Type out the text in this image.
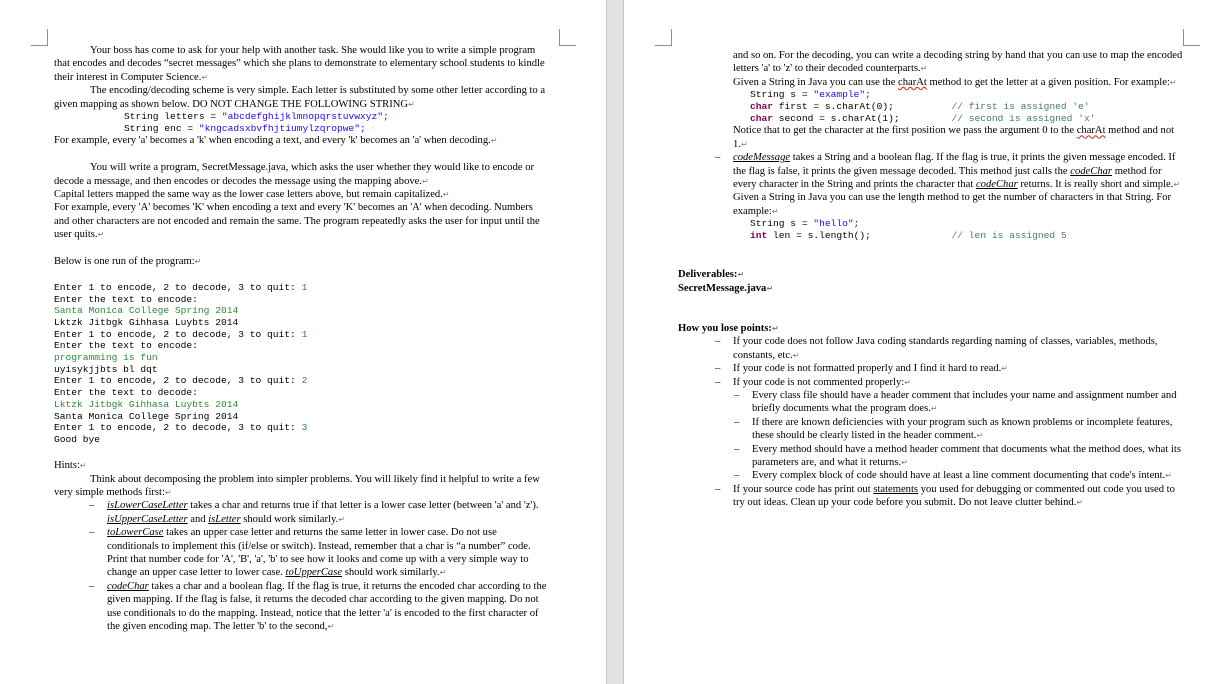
Your boss has come to ask for your help with another task. She would like you to write a simple program that encodes and decodes “secret messages” which she plans to demonstrate to elementary school students to kindle their interest in Computer Science.↵

The encoding/decoding scheme is very simple. Each letter is substituted by some other letter according to a given mapping as shown below. DO NOT CHANGE THE FOLLOWING STRING↵

String letters = "abcdefghijklmnopqrstuvwxyz";
String enc = "kngcadsxbvfhjtiumylzqropwe"; ·

For example, every 'a' becomes a 'k' when encoding a text, and every 'k' becomes an 'a' when decoding.↵

You will write a program, SecretMessage.java, which asks the user whether they would like to encode or decode a message, and then encodes or decodes the message using the mapping above.↵
Capital letters mapped the same way as the lower case letters above, but remain capitalized.↵

For example, every 'A' becomes 'K' when encoding a text and every 'K' becomes an 'A' when decoding. Numbers and other characters are not encoded and remain the same. The program repeatedly asks the user for input until the user quits.↵

Below is one run of the program:↵

Enter 1 to encode, 2 to decode, 3 to quit: 1
Enter the text to encode:
Santa Monica College Spring 2014
Lktzk Jitbgk Gihhasa Luybts 2014
Enter 1 to encode, 2 to decode, 3 to quit: 1
Enter the text to encode:
programming is fun
uyisykjjbts bl dqt
Enter 1 to encode, 2 to decode, 3 to quit: 2
Enter the text to decode:
Lktzk Jitbgk Gihhasa Luybts 2014
Santa Monica College Spring 2014
Enter 1 to encode, 2 to decode, 3 to quit: 3
Good bye

Hints:↵

Think about decomposing the problem into simpler problems. You will likely find it helpful to write a few very simple methods first:↵

– isLowerCaseLetter takes a char and returns true if that letter is a lower case letter (between 'a' and 'z'). isUpperCaseLetter and isLetter should work similarly.↵
– toLowerCase takes an upper case letter and returns the same letter in lower case. Do not use conditionals to implement this (if/else or switch). Instead, remember that a char is “a number” code. Print that number code for 'A', 'B', 'a', 'b' to see how it looks and come up with a very simple way to change an upper case letter to lower case. toUpperCase should work similarly.↵
– codeChar takes a char and a boolean flag. If the flag is true, it returns the encoded char according to the given mapping. If the flag is false, it returns the decoded char according to the given mapping. Do not use conditionals to do the mapping. Instead, notice that the letter 'a' is encoded to the first character of the given encoding map. The letter 'b' to the second,↵

and so on. For the decoding, you can write a decoding string by hand that you can use to map the encoded letters 'a' to 'z' to their decoded counterparts.↵

Given a String in Java you can use the charAt method to get the letter at a given position. For example:↵

String s = "example";
char first = s.charAt(0);	// first is assigned 'e'
char second = s.charAt(1);	// second is assigned 'x'

Notice that to get the character at the first position we pass the argument 0 to the charAt method and not 1.↵

– codeMessage takes a String and a boolean flag. If the flag is true, it prints the given message encoded. If the flag is false, it prints the given message decoded. This method just calls the codeChar method for every character in the String and prints the character that codeChar returns. It is really short and simple.↵
Given a String in Java you can use the length method to get the number of characters in that String. For example:↵
String s = "hello";
int len = s.length();	// len is assigned 5

Deliverables:↵

SecretMessage.java↵

How you lose points:↵

– If your code does not follow Java coding standards regarding naming of classes, variables, methods, constants, etc.↵
– If your code is not formatted properly and I find it hard to read.↵
– If your code is not commented properly:↵
– Every class file should have a header comment that includes your name and assignment number and briefly documents what the program does.↵
– If there are known deficiencies with your program such as known problems or incomplete features, these should be clearly listed in the header comment.↵
– Every method should have a method header comment that documents what the method does, what its parameters are, and what it returns.↵
– Every complex block of code should have at least a line comment documenting that code's intent.↵
– If your source code has print out statements you used for debugging or commented out code you used to try out ideas. Clean up your code before you submit. Do not leave clutter behind.↵
